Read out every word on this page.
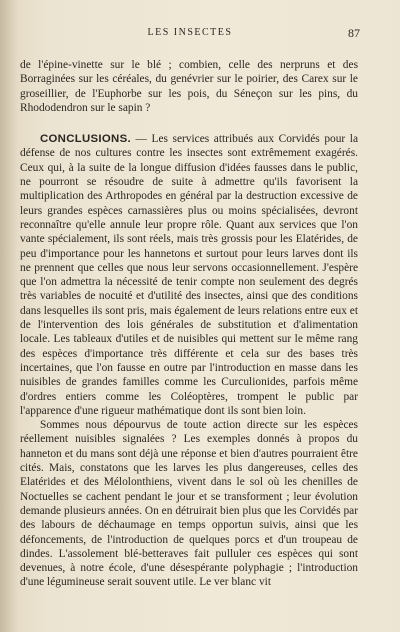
LES INSECTES	87

de l'épine-vinette sur le blé ; combien, celle des nerpruns et des Borraginées sur les céréales, du genévrier sur le poirier, des Carex sur le groseillier, de l'Euphorbe sur les pois, du Séneçon sur les pins, du Rhododendron sur le sapin ?

CONCLUSIONS. — Les services attribués aux Corvidés pour la défense de nos cultures contre les insectes sont extrêmement exagérés. Ceux qui, à la suite de la longue diffusion d'idées fausses dans le public, ne pourront se résoudre de suite à admettre qu'ils favorisent la multiplication des Arthropodes en général par la destruction excessive de leurs grandes espèces carnassières plus ou moins spécialisées, devront reconnaître qu'elle annule leur propre rôle. Quant aux services que l'on vante spécialement, ils sont réels, mais très grossis pour les Elatérides, de peu d'importance pour les hannetons et surtout pour leurs larves dont ils ne prennent que celles que nous leur servons occasionnellement. J'espère que l'on admettra la nécessité de tenir compte non seulement des degrés très variables de nocuité et d'utilité des insectes, ainsi que des conditions dans lesquelles ils sont pris, mais également de leurs relations entre eux et de l'intervention des lois générales de substitution et d'alimentation locale. Les tableaux d'utiles et de nuisibles qui mettent sur le même rang des espèces d'importance très différente et cela sur des bases très incertaines, que l'on fausse en outre par l'introduction en masse dans les nuisibles de grandes familles comme les Curculionides, parfois même d'ordres entiers comme les Coléoptères, trompent le public par l'apparence d'une rigueur mathématique dont ils sont bien loin.

Sommes nous dépourvus de toute action directe sur les espèces réellement nuisibles signalées ? Les exemples donnés à propos du hanneton et du mans sont déjà une réponse et bien d'autres pourraient être cités. Mais, constatons que les larves les plus dangereuses, celles des Elatérides et des Mélolonthiens, vivent dans le sol où les chenilles de Noctuelles se cachent pendant le jour et se transforment ; leur évolution demande plusieurs années. On en détruirait bien plus que les Corvidés par des labours de déchaumage en temps opportun suivis, ainsi que les défoncements, de l'introduction de quelques porcs et d'un troupeau de dindes. L'assolement blé-betteraves fait pulluler ces espèces qui sont devenues, à notre école, d'une désespérante polyphagie ; l'introduction d'une légumineuse serait souvent utile. Le ver blanc vit
